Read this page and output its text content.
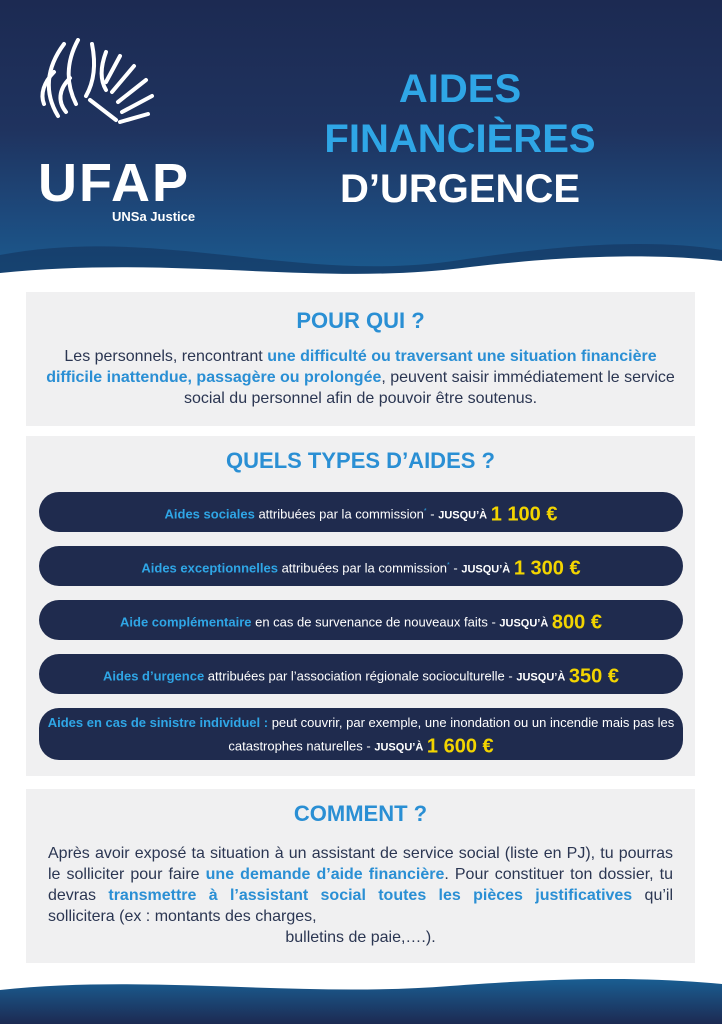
UFAP
UNSa Justice
AIDES
FINANCIÈRES
D’URGENCE
POUR QUI ?
Les personnels, rencontrant une difficulté ou traversant une situation financière difficile inattendue, passagère ou prolongée, peuvent saisir immédiatement le service social du personnel afin de pouvoir être soutenus.
QUELS TYPES D’AIDES ?
Aides sociales attribuées par la commission* - JUSQU’À 1 100 €
Aides exceptionnelles attribuées par la commission* - JUSQU’À 1 300 €
Aide complémentaire en cas de survenance de nouveaux faits - JUSQU’À 800 €
Aides d’urgence attribuées par l’association régionale socioculturelle - JUSQU’À 350 €
Aides en cas de sinistre individuel : peut couvrir, par exemple, une inondation ou un incendie mais pas les catastrophes naturelles - JUSQU’À 1 600 €
COMMENT ?
Après avoir exposé ta situation à un assistant de service social (liste en PJ), tu pourras le solliciter pour faire une demande d’aide financière. Pour constituer ton dossier, tu devras transmettre à l’assistant social toutes les pièces justificatives qu’il sollicitera (ex : montants des charges,
bulletins de paie,….).
